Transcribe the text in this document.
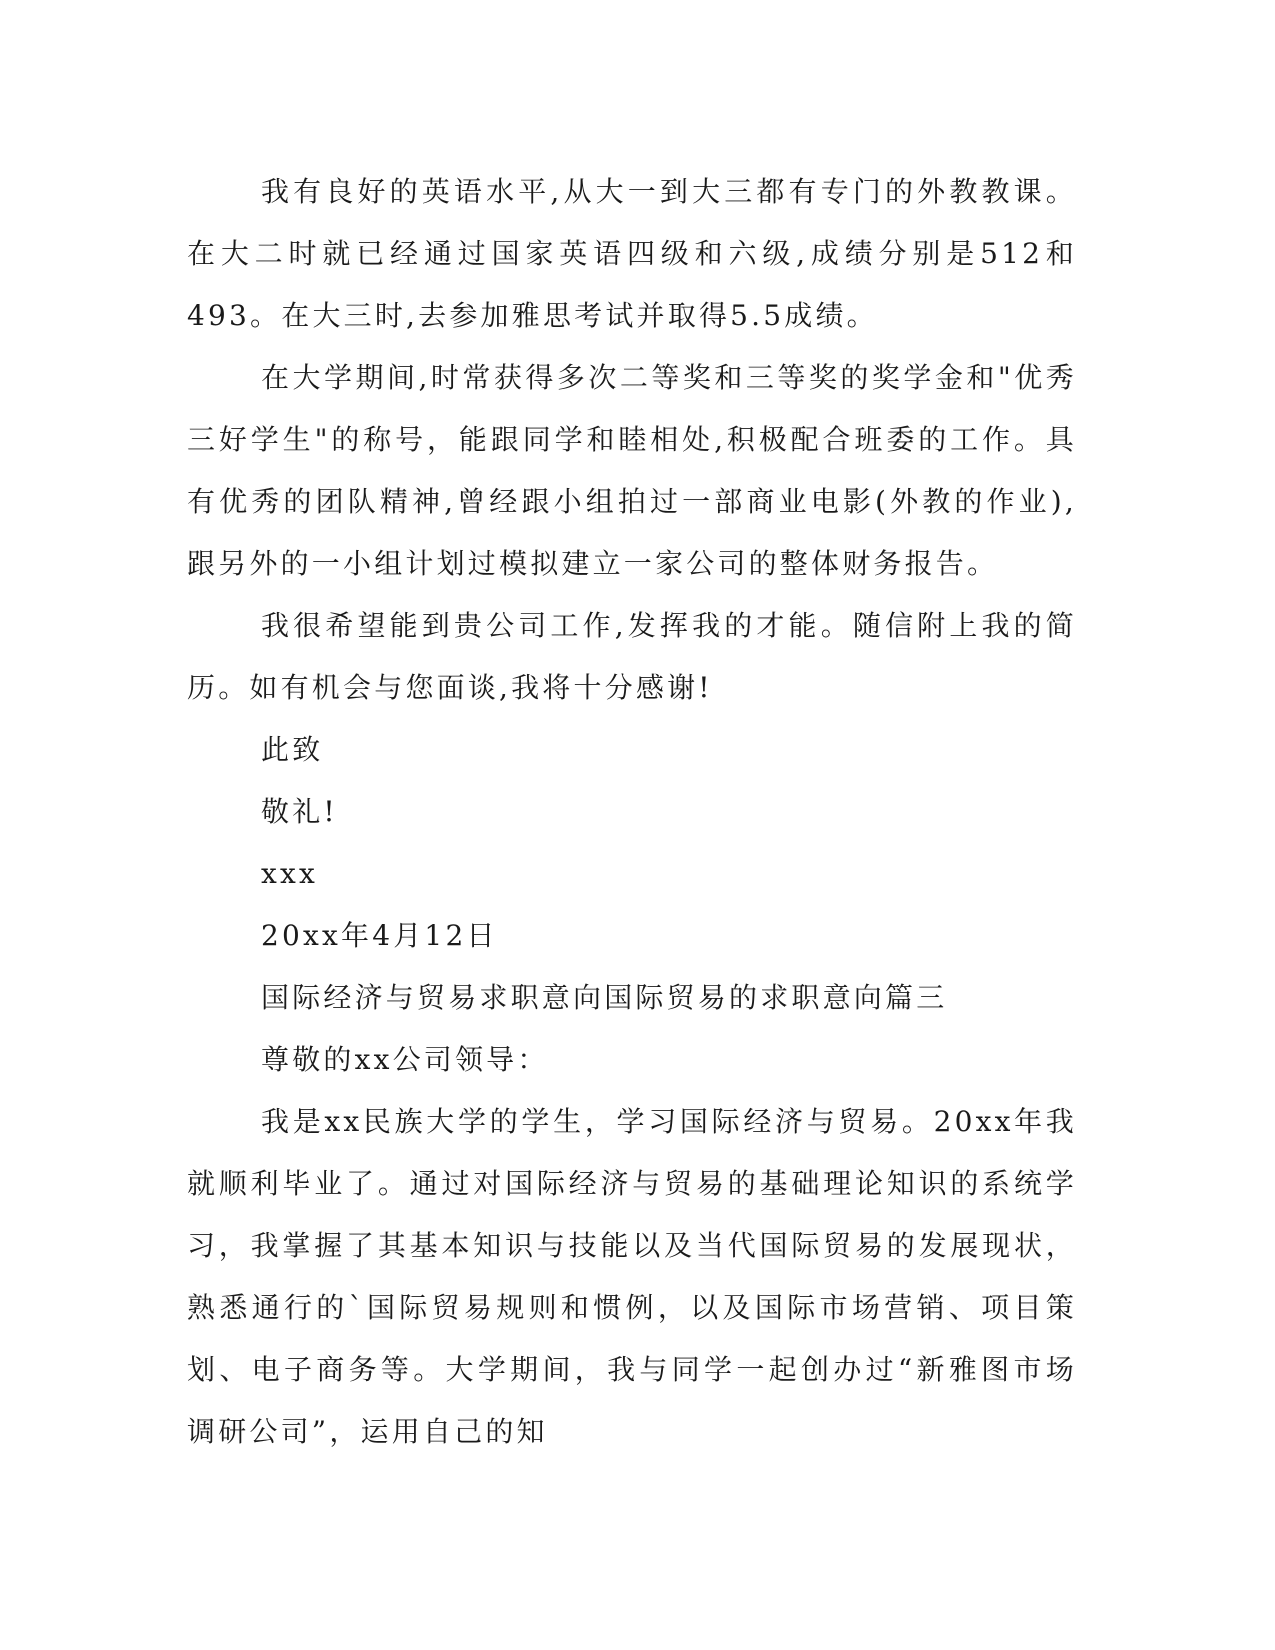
我有良好的英语水平,从大一到大三都有专门的外教教课。在大二时就已经通过国家英语四级和六级,成绩分别是512和493。在大三时,去参加雅思考试并取得5.5成绩。

在大学期间,时常获得多次二等奖和三等奖的奖学金和"优秀三好学生"的称号，能跟同学和睦相处,积极配合班委的工作。具有优秀的团队精神,曾经跟小组拍过一部商业电影(外教的作业),跟另外的一小组计划过模拟建立一家公司的整体财务报告。

我很希望能到贵公司工作,发挥我的才能。随信附上我的简历。如有机会与您面谈,我将十分感谢!

此致

敬礼!

xxx

20xx年4月12日

国际经济与贸易求职意向国际贸易的求职意向篇三

尊敬的xx公司领导：

我是xx民族大学的学生，学习国际经济与贸易。20xx年我就顺利毕业了。通过对国际经济与贸易的基础理论知识的系统学习，我掌握了其基本知识与技能以及当代国际贸易的发展现状，熟悉通行的`国际贸易规则和惯例，以及国际市场营销、项目策划、电子商务等。大学期间，我与同学一起创办过“新雅图市场调研公司”，运用自己的知
